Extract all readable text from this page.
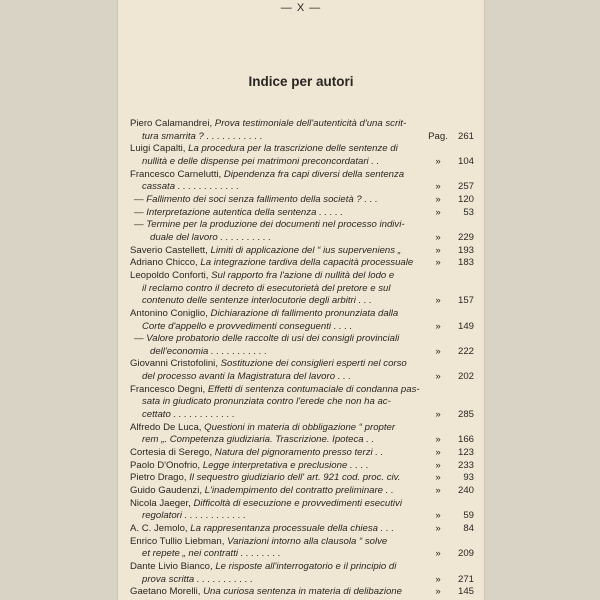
— X —
Indice per autori
Piero Calamandrei, Prova testimoniale dell'autenticità d'una scrit-
tura smarrita ? . . . . . . . . . . .	Pag.	261
Luigi Capalti, La procedura per la trascrizione delle sentenze di
nullità e delle dispense pei matrimoni preconcordatari . .	»	104
Francesco Carnelutti, Dipendenza fra capi diversi della sentenza
cassata . . . . . . . . . . . .	»	257
— Fallimento dei soci senza fallimento della società ? . . .	»	120
— Interpretazione autentica della sentenza . . . . .	»	53
— Termine per la produzione dei documenti nel processo indivi-
duale del lavoro . . . . . . . . . .	»	229
Saverio Castellett, Limiti di applicazione del “ ius superveniens „	»	193
Adriano Chicco, La integrazione tardiva della capacità processuale	»	183
Leopoldo Conforti, Sul rapporto fra l'azione di nullità del lodo e
il reclamo contro il decreto di esecutorietà del pretore e sul
contenuto delle sentenze interlocutorie degli arbitri . . .	»	157
Antonino Coniglio, Dichiarazione di fallimento pronunziata dalla
Corte d'appello e provvedimenti conseguenti . . . .	»	149
— Valore probatorio delle raccolte di usi dei consigli provinciali
dell'economia . . . . . . . . . . .	»	222
Giovanni Cristofolini, Sostituzione dei consiglieri esperti nel corso
del processo avanti la Magistratura del lavoro . . .	»	202
Francesco Degni, Effetti di sentenza contumaciale di condanna pas-
sata in giudicato pronunziata contro l'erede che non ha ac-
cettato . . . . . . . . . . . .	»	285
Alfredo De Luca, Questioni in materia di obbligazione “ propter
rem „. Competenza giudiziaria. Trascrizione. Ipoteca . .	»	166
Cortesia di Serego, Natura del pignoramento presso terzi . .	»	123
Paolo D'Onofrio, Legge interpretativa e preclusione . . . .	»	233
Pietro Drago, Il sequestro giudiziario dell' art. 921 cod. proc. civ.	»	93
Guido Gaudenzi, L'inadempimento del contratto preliminare . .	»	240
Nicola Jaeger, Difficoltà di esecuzione e provvedimenti esecutivi
regolatori . . . . . . . . . . . .	»	59
A. C. Jemolo, La rappresentanza processuale della chiesa . . .	»	84
Enrico Tullio Liebman, Variazioni intorno alla clausola “ solve
et repete „ nei contratti . . . . . . . .	»	209
Dante Livio Bianco, Le risposte all'interrogatorio e il principio di
prova scritta . . . . . . . . . . .	»	271
Gaetano Morelli, Una curiosa sentenza in materia di delibazione	»	145
